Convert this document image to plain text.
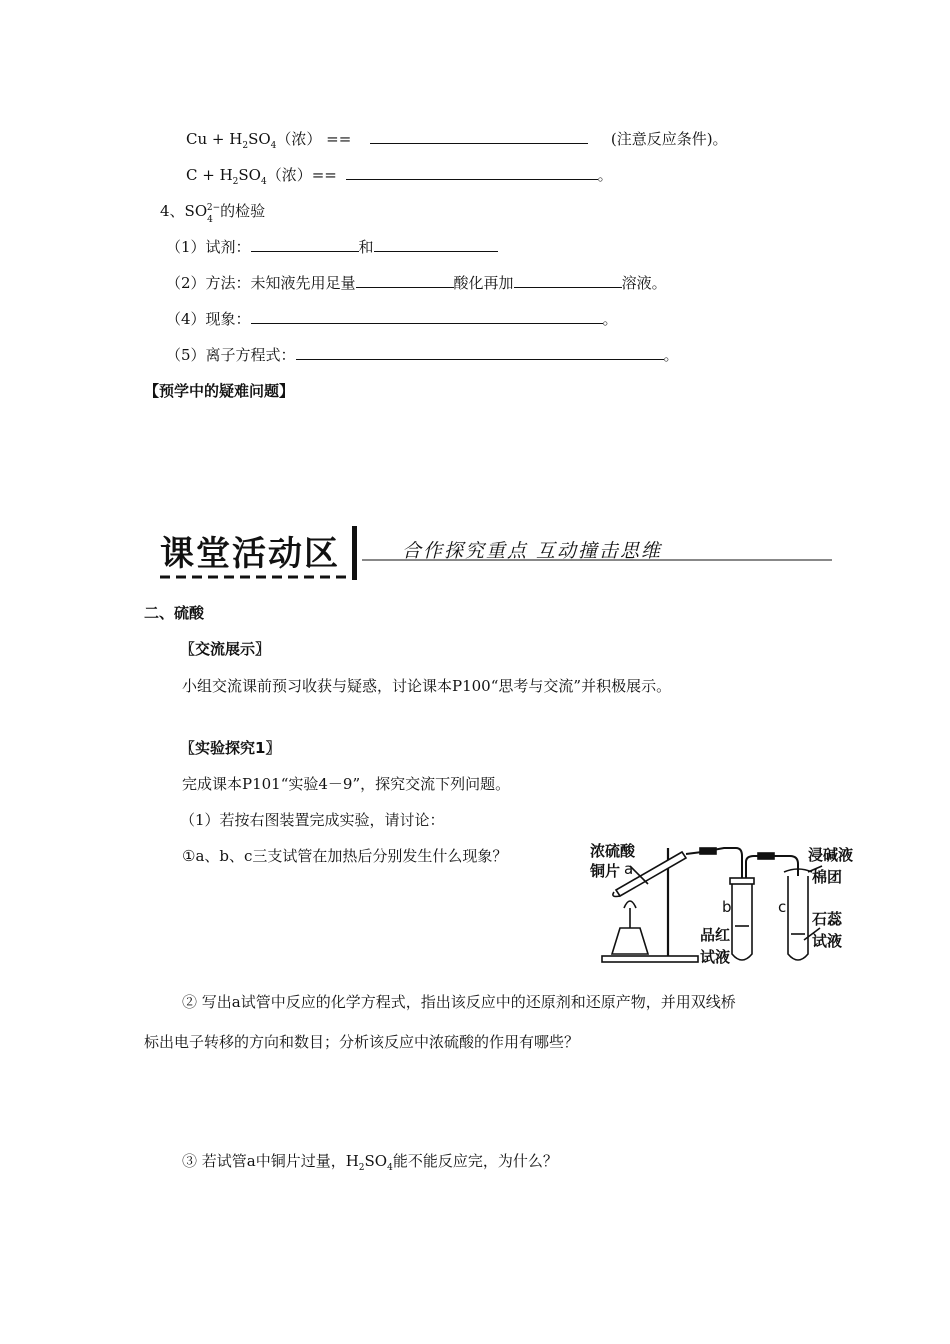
$Cu + H_2SO_4$（浓） ==	(注意反应条件)。
$C + H_2SO_4$（浓）==	。
4、$SO_4^{2-}$的检验
（1）试剂：	和
（2）方法：未知液先用足量	酸化再加	溶液。
（4）现象：	。
（5）离子方程式：	。
【预学中的疑难问题】
课堂活动区	合作探究重点 互动撞击思维
二、硫酸
〖交流展示〗
小组交流课前预习收获与疑惑，讨论课本P100“思考与交流”并积极展示。
〖实验探究1〗
完成课本P101“实验4－9”，探究交流下列问题。
（1）若按右图装置完成实验，请讨论：
①a、b、c三支试管在加热后分别发生什么现象？	浓硫酸
铜片 a
b	c
品红
试液
浸碱液
棉团
石蕊
试液
② 写出a试管中反应的化学方程式，指出该反应中的还原剂和还原产物，并用双线桥
标出电子转移的方向和数目；分析该反应中浓硫酸的作用有哪些？
③ 若试管a中铜片过量，$H_2SO_4$能不能反应完，为什么？
